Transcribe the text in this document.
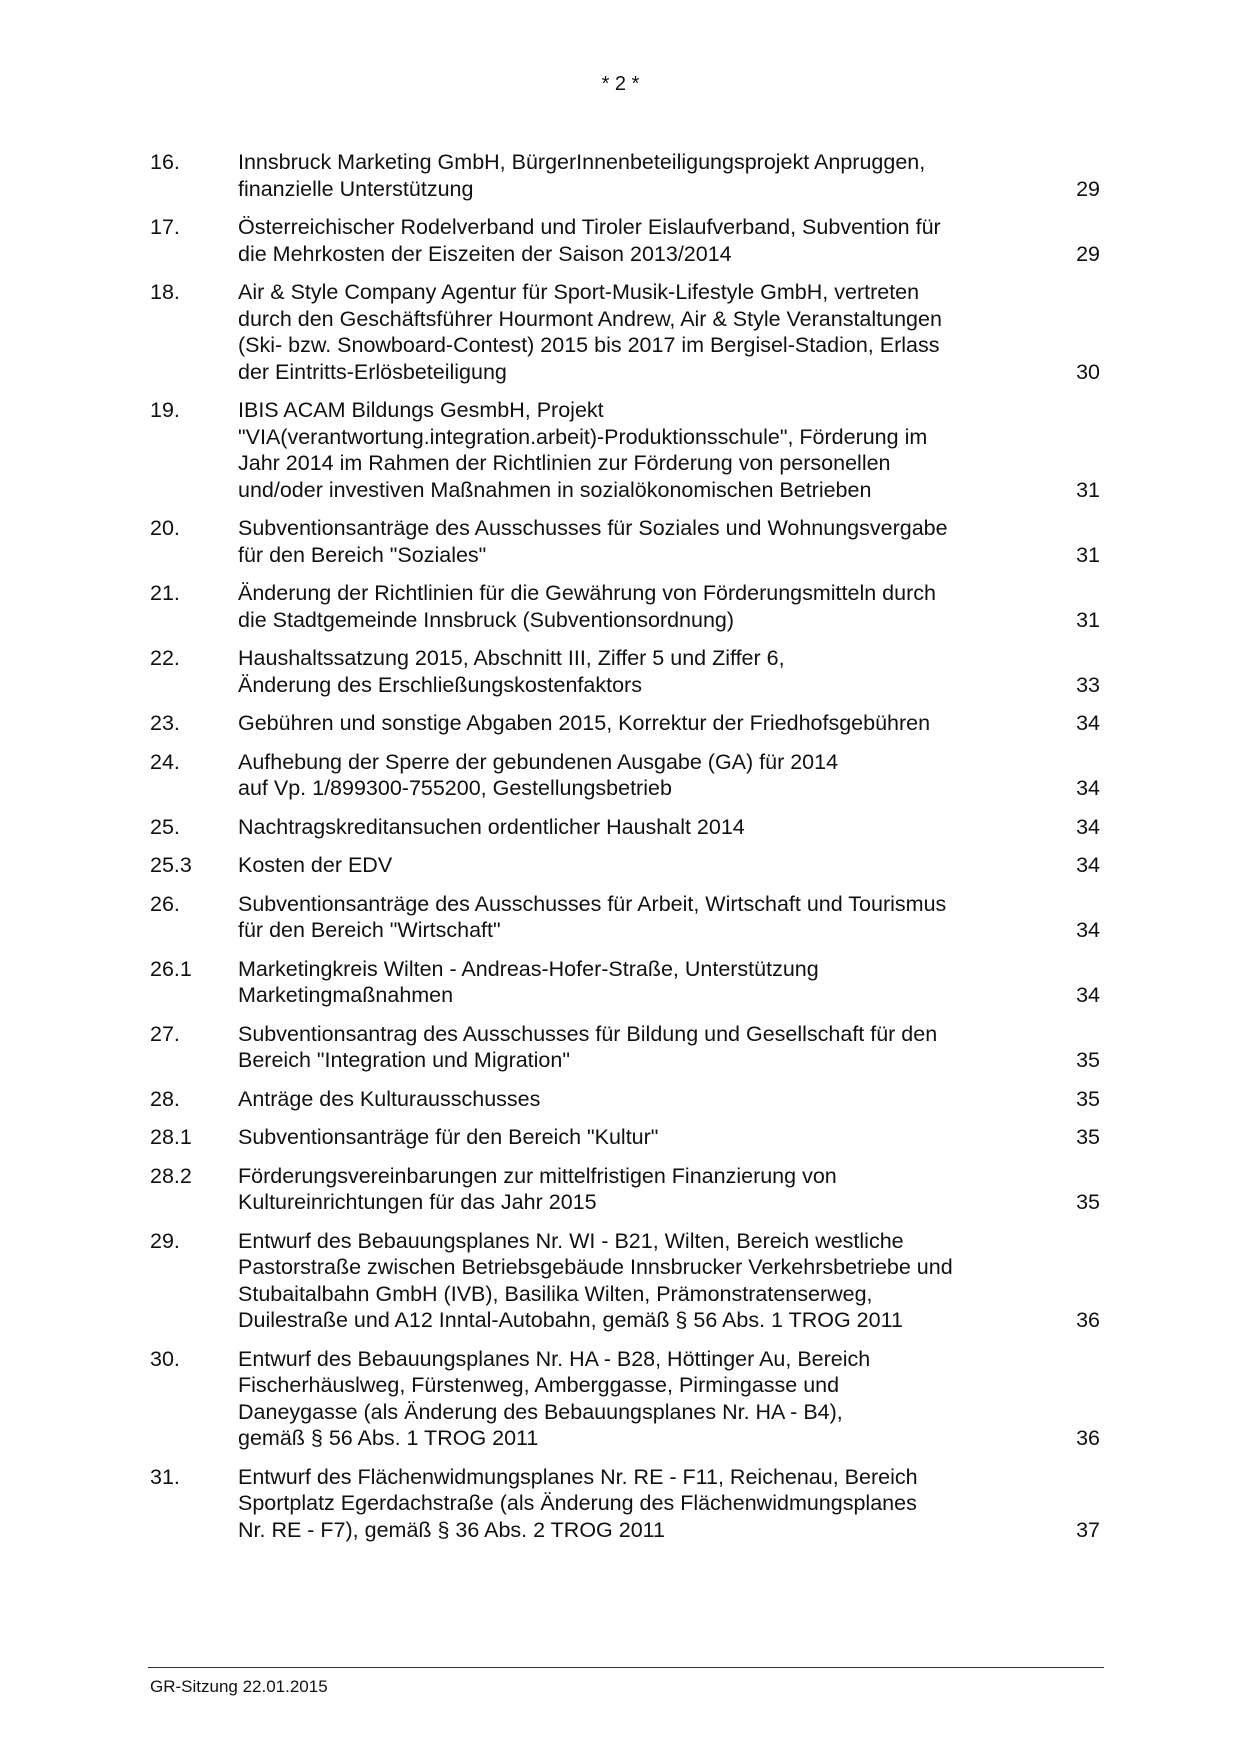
* 2 *
16.	Innsbruck Marketing GmbH, BürgerInnenbeteiligungsprojekt Anpruggen,
finanzielle Unterstützung	29
17.	Österreichischer Rodelverband und Tiroler Eislaufverband, Subvention für
die Mehrkosten der Eiszeiten der Saison 2013/2014	29
18.	Air & Style Company Agentur für Sport-Musik-Lifestyle GmbH, vertreten
durch den Geschäftsführer Hourmont Andrew, Air & Style Veranstaltungen
(Ski- bzw. Snowboard-Contest) 2015 bis 2017 im Bergisel-Stadion, Erlass
der Eintritts-Erlösbeteiligung	30
19.	IBIS ACAM Bildungs GesmbH, Projekt
"VIA(verantwortung.integration.arbeit)-Produktionsschule", Förderung im
Jahr 2014 im Rahmen der Richtlinien zur Förderung von personellen
und/oder investiven Maßnahmen in sozialökonomischen Betrieben	31
20.	Subventionsanträge des Ausschusses für Soziales und Wohnungsvergabe
für den Bereich "Soziales"	31
21.	Änderung der Richtlinien für die Gewährung von Förderungsmitteln durch
die Stadtgemeinde Innsbruck (Subventionsordnung)	31
22.	Haushaltssatzung 2015, Abschnitt III, Ziffer 5 und Ziffer 6,
Änderung des Erschließungskostenfaktors	33
23.	Gebühren und sonstige Abgaben 2015, Korrektur der Friedhofsgebühren	34
24.	Aufhebung der Sperre der gebundenen Ausgabe (GA) für 2014
auf Vp. 1/899300-755200, Gestellungsbetrieb	34
25.	Nachtragskreditansuchen ordentlicher Haushalt 2014	34
25.3	Kosten der EDV	34
26.	Subventionsanträge des Ausschusses für Arbeit, Wirtschaft und Tourismus
für den Bereich "Wirtschaft"	34
26.1	Marketingkreis Wilten - Andreas-Hofer-Straße, Unterstützung
Marketingmaßnahmen	34
27.	Subventionsantrag des Ausschusses für Bildung und Gesellschaft für den
Bereich "Integration und Migration"	35
28.	Anträge des Kulturausschusses	35
28.1	Subventionsanträge für den Bereich "Kultur"	35
28.2	Förderungsvereinbarungen zur mittelfristigen Finanzierung von
Kultureinrichtungen für das Jahr 2015	35
29.	Entwurf des Bebauungsplanes Nr. WI - B21, Wilten, Bereich westliche
Pastorstraße zwischen Betriebsgebäude Innsbrucker Verkehrsbetriebe und
Stubaitalbahn GmbH (IVB), Basilika Wilten, Prämonstratenserweg,
Duilestraße und A12 Inntal-Autobahn, gemäß § 56 Abs. 1 TROG 2011	36
30.	Entwurf des Bebauungsplanes Nr. HA - B28, Höttinger Au, Bereich
Fischerhäuslweg, Fürstenweg, Amberggasse, Pirmingasse und
Daneygasse (als Änderung des Bebauungsplanes Nr. HA - B4),
gemäß § 56 Abs. 1 TROG 2011	36
31.	Entwurf des Flächenwidmungsplanes Nr. RE - F11, Reichenau, Bereich
Sportplatz Egerdachstraße (als Änderung des Flächenwidmungsplanes
Nr. RE - F7), gemäß § 36 Abs. 2 TROG 2011	37
GR-Sitzung 22.01.2015
